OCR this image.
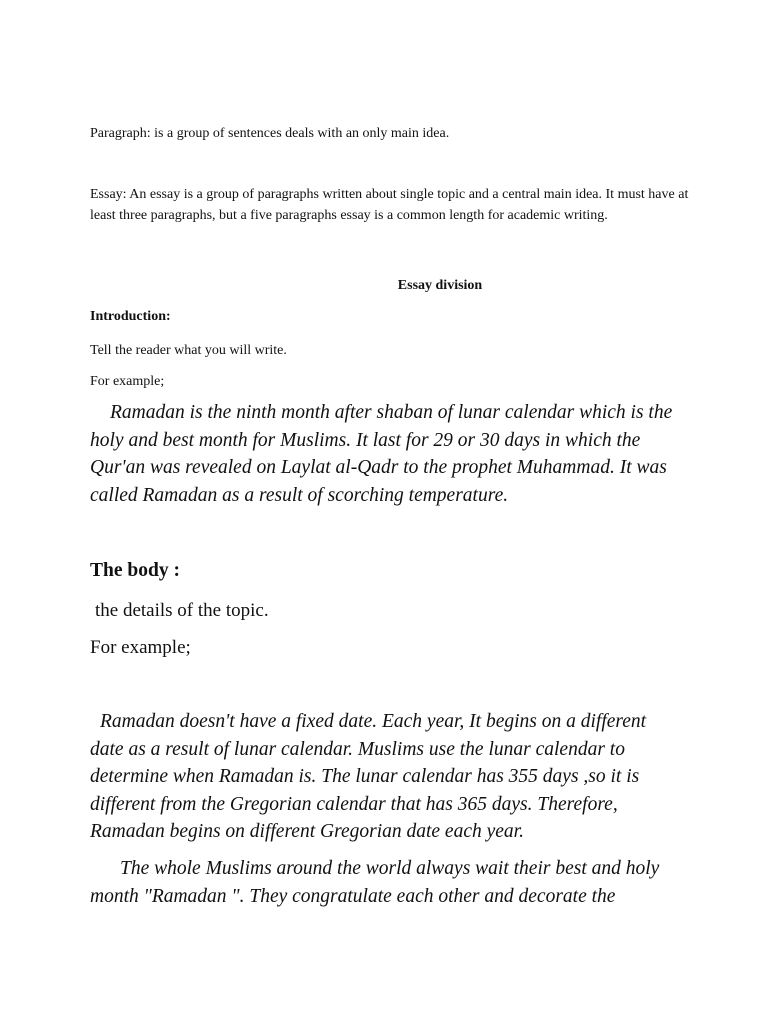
Paragraph: is a group of sentences deals with an only main idea.

Essay: An essay is a group of paragraphs written about single topic and a central main idea. It must have at least three paragraphs, but a five paragraphs essay is a common length for academic writing.

Essay division

Introduction:

Tell the reader what you will write.

For example;

Ramadan is the ninth month after shaban of lunar calendar which is the holy and best month for Muslims. It last for 29 or 30 days in which the Qur'an was revealed on Laylat al-Qadr to the prophet Muhammad. It was called Ramadan as a result of scorching temperature.

The body :

the details of the topic.

For example;

Ramadan doesn't have a fixed date. Each year, It begins on a different date as a result of lunar calendar. Muslims use the lunar calendar to determine when Ramadan is. The lunar calendar has 355 days ,so it is different from the Gregorian calendar that has 365 days. Therefore, Ramadan begins on different Gregorian date each year.

The whole Muslims around the world always wait their best and holy month "Ramadan ". They congratulate each other and decorate the
